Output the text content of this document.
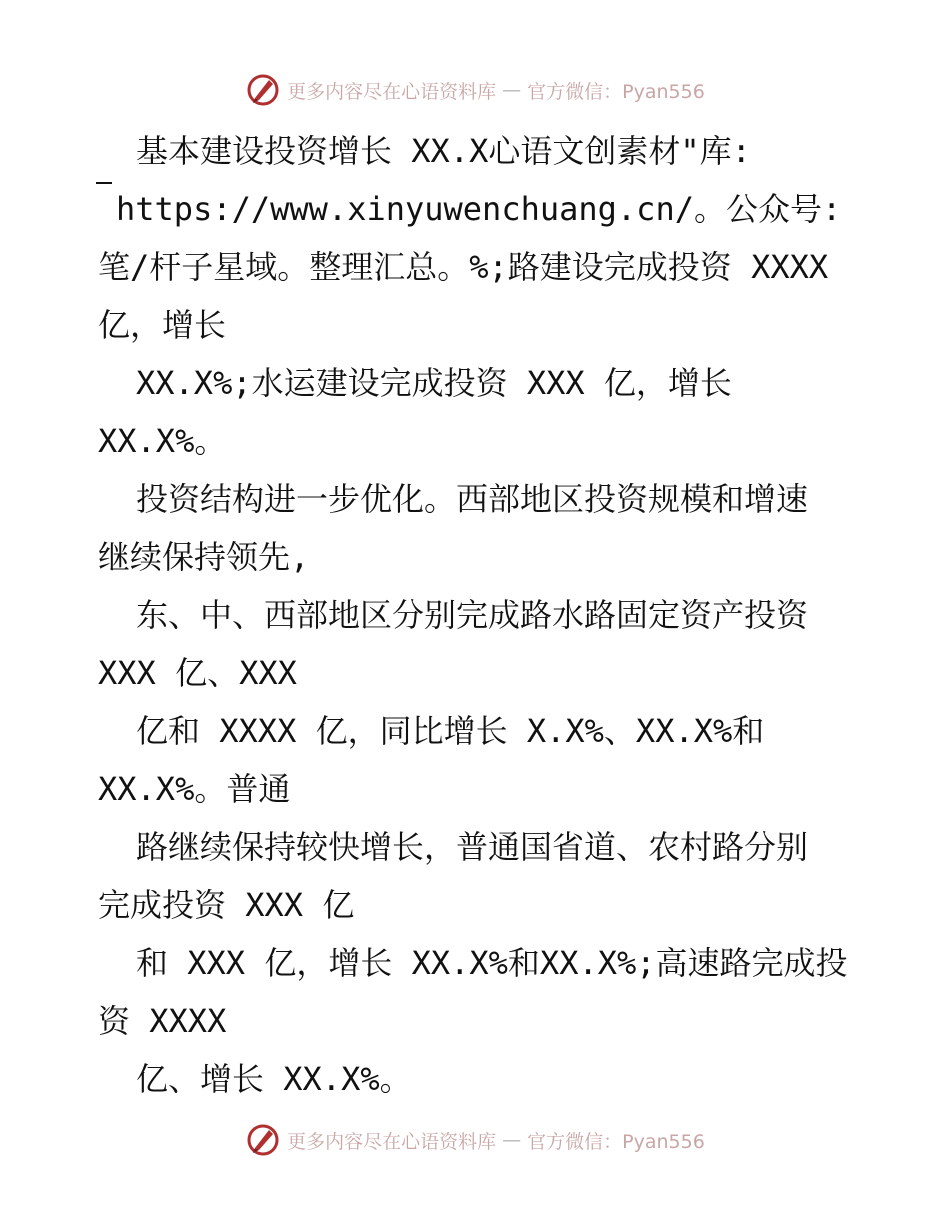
更多内容尽在心语资料库 — 官方微信：Pyan556
基本建设投资增长 XX.X心语文创素材"库:
https://www.xinyuwenchuang.cn/。公众号:
笔/杆子星域。整理汇总。%;路建设完成投资 XXXX
亿，增长
XX.X%;水运建设完成投资 XXX 亿，增长
XX.X%。
投资结构进一步优化。西部地区投资规模和增速
继续保持领先,
东、中、西部地区分别完成路水路固定资产投资
XXX 亿、XXX
亿和 XXXX 亿，同比增长 X.X%、XX.X%和
XX.X%。普通
路继续保持较快增长，普通国省道、农村路分别
完成投资 XXX 亿
和 XXX 亿，增长 XX.X%和XX.X%;高速路完成投
资 XXXX
亿、增长 XX.X%。
更多内容尽在心语资料库 — 官方微信：Pyan556
